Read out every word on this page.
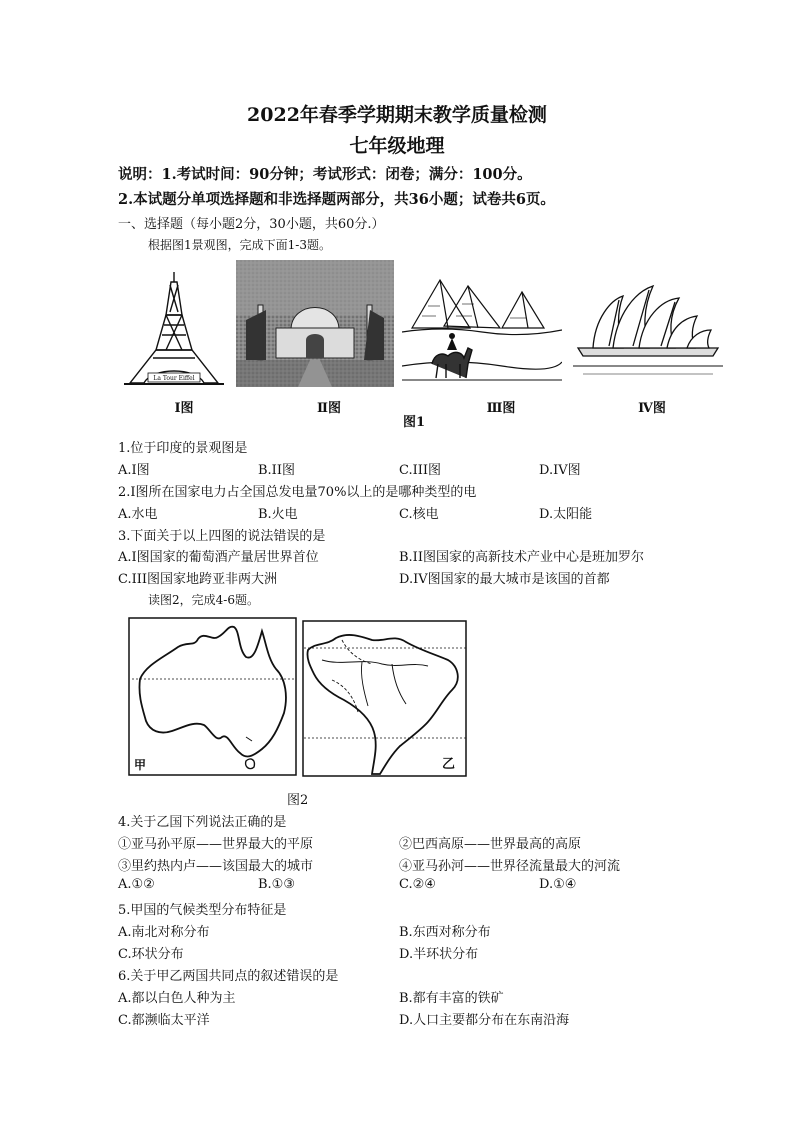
2022年春季学期期末教学质量检测
七年级地理
说明：1.考试时间：90分钟；考试形式：闭卷；满分：100分。
2.本试题分单项选择题和非选择题两部分，共36小题；试卷共6页。
一、选择题（每小题2分，30小题，共60分.）
根据图1景观图，完成下面1-3题。
La Tour Eiffel
Ⅰ图	Ⅱ图	Ⅲ图	Ⅳ图
图1
1.位于印度的景观图是
A.I图	B.II图	C.III图	D.IV图
2.I图所在国家电力占全国总发电量70%以上的是哪种类型的电
A.水电	B.火电	C.核电	D.太阳能
3.下面关于以上四图的说法错误的是
A.I图国家的葡萄酒产量居世界首位	B.II图国家的高新技术产业中心是班加罗尔
C.III图国家地跨亚非两大洲	D.IV图国家的最大城市是该国的首都
读图2，完成4-6题。
甲	乙
图2
4.关于乙国下列说法正确的是
①亚马孙平原——世界最大的平原	②巴西高原——世界最高的高原
③里约热内卢——该国最大的城市	④亚马孙河——世界径流量最大的河流
A.①②	B.①③	C.②④	D.①④
5.甲国的气候类型分布特征是
A.南北对称分布	B.东西对称分布
C.环状分布	D.半环状分布
6.关于甲乙两国共同点的叙述错误的是
A.都以白色人种为主	B.都有丰富的铁矿
C.都濒临太平洋	D.人口主要都分布在东南沿海
